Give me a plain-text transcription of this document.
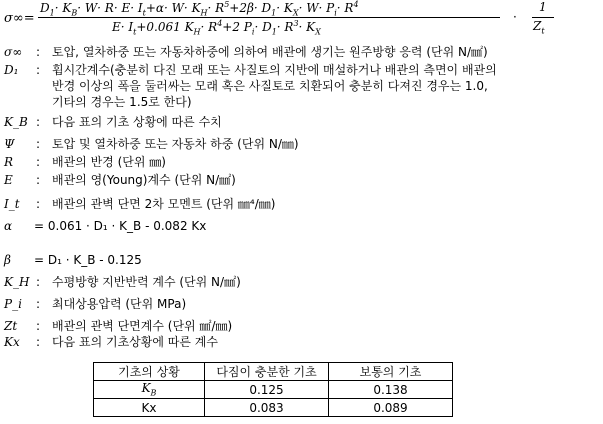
σ∞=
$D_1\cdot K_B\cdot W\cdot R\cdot E\cdot I_t+\alpha\cdot W\cdot K_H\cdot R^5+2\beta\cdot D_1\cdot K_X\cdot W\cdot P_i\cdot R^4$
$E\cdot I_t+0.061$ $K_H\cdot R^4+2$ $P_i\cdot D_1\cdot R^3\cdot K_X$
·
1
$Z_t$
σ∞	: 토압, 열차하중 또는 자동차하중에 의하여 배관에 생기는 원주방향 응력 (단위 N/㎟)
D₁	: 휨시간계수(충분히 다진 모래 또는 사질토의 지반에 매설하거나 배관의 측면이 배관의
반경 이상의 폭을 둘러싸는 모래 혹은 사질토로 치환되어 충분히 다져진 경우는 1.0,
기타의 경우는 1.5로 한다)
K_B : 다음 표의 기초 상황에 따른 수치
Ψ	: 토압 및 열차하중 또는 자동차 하중 (단위 N/㎜)
R	: 배관의 반경 (단위 ㎜)
E	: 배관의 영(Young)계수 (단위 N/㎟)
I_t	: 배관의 관벽 단면 2차 모멘트 (단위 ㎜⁴/㎜)
α	= 0.061 · D₁ · K_B - 0.082 Kx
β	= D₁ · K_B - 0.125
K_H : 수평방향 지반반력 계수 (단위 N/㎟)
P_i	: 최대상용압력 (단위 MPa)
Zt	: 배관의 관벽 단면계수 (단위 ㎟/㎜)
Kx	: 다음 표의 기초상황에 따른 계수
기초의 상황	다짐이 충분한 기초	보통의 기초
$K_B$	0.125	0.138
Kx	0.083	0.089
